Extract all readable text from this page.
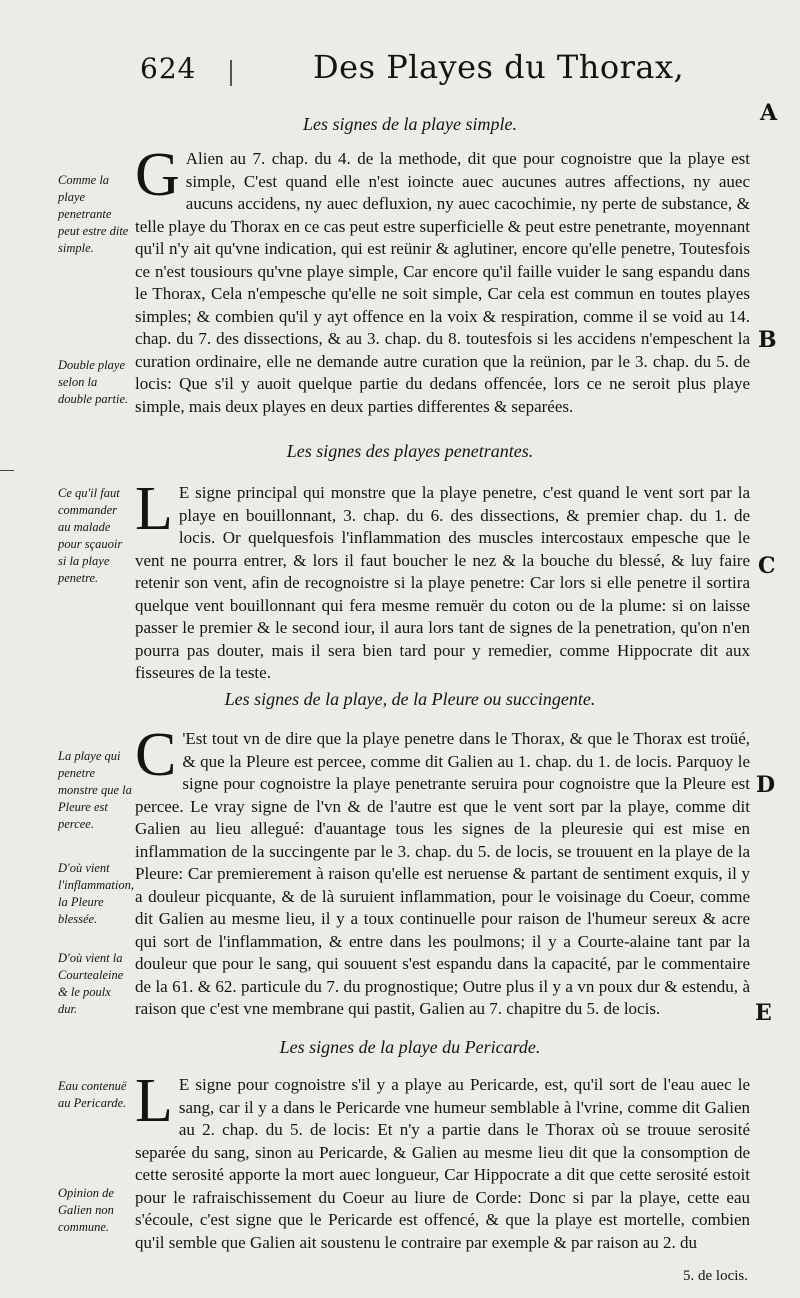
624	Des Playes du Thorax,
A
B
C
D
E
Les signes de la playe simple.
G Alien au 7. chap. du 4. de la methode, dit que pour cognoistre que la playe est simple, C'est quand elle n'est ioincte auec aucunes autres affections, ny auec aucuns accidens, ny auec defluxion, ny auec cacochimie, ny perte de substance, & telle playe du Thorax en ce cas peut estre superficielle & peut estre penetrante, moyennant qu'il n'y ait qu'vne indication, qui est reünir & aglutiner, encore qu'elle penetre, Toutesfois ce n'est tousiours qu'vne playe simple, Car encore qu'il faille vuider le sang espandu dans le Thorax, Cela n'empesche qu'elle ne soit simple, Car cela est commun en toutes playes simples; & combien qu'il y ayt offence en la voix & respiration, comme il se void au 14. chap. du 7. des dissections, & au 3. chap. du 8. toutesfois si les accidens n'empeschent la curation ordinaire, elle ne demande autre curation que la reünion, par le 3. chap. du 5. de locis: Que s'il y auoit quelque partie du dedans offencée, lors ce ne seroit plus playe simple, mais deux playes en deux parties differentes & separées.
Comme la playe penetrante peut estre dite simple.
Double playe selon la double partie.
Les signes des playes penetrantes.
L E signe principal qui monstre que la playe penetre, c'est quand le vent sort par la playe en bouillonnant, 3. chap. du 6. des dissections, & premier chap. du 1. de locis. Or quelquesfois l'inflammation des muscles intercostaux empesche que le vent ne pourra entrer, & lors il faut boucher le nez & la bouche du blessé, & luy faire retenir son vent, afin de recognoistre si la playe penetre: Car lors si elle penetre il sortira quelque vent bouillonnant qui fera mesme remuër du coton ou de la plume: si on laisse passer le premier & le second iour, il aura lors tant de signes de la penetration, qu'on n'en pourra pas douter, mais il sera bien tard pour y remedier, comme Hippocrate dit aux fisseures de la teste.
Ce qu'il faut commander au malade pour sçauoir si la playe penetre.
Les signes de la playe, de la Pleure ou succingente.
C 'Est tout vn de dire que la playe penetre dans le Thorax, & que le Thorax est troüé, & que la Pleure est percee, comme dit Galien au 1. chap. du 1. de locis. Parquoy le signe pour cognoistre la playe penetrante seruira pour cognoistre que la Pleure est percee. Le vray signe de l'vn & de l'autre est que le vent sort par la playe, comme dit Galien au lieu allegué: d'auantage tous les signes de la pleuresie qui est mise en inflammation de la succingente par le 3. chap. du 5. de locis, se trouuent en la playe de la Pleure: Car premierement à raison qu'elle est neruense & partant de sentiment exquis, il y a douleur picquante, & de là suruient inflammation, pour le voisinage du Coeur, comme dit Galien au mesme lieu, il y a toux continuelle pour raison de l'humeur sereux & acre qui sort de l'inflammation, & entre dans les poulmons; il y a Courte-alaine tant par la douleur que pour le sang, qui souuent s'est espandu dans la capacité, par le commentaire de la 61. & 62. particule du 7. du prognostique; Outre plus il y a vn poux dur & estendu, à raison que c'est vne membrane qui pastit, Galien au 7. chapitre du 5. de locis.
La playe qui penetre monstre que la Pleure est percee.
D'où vient l'inflammation, la Pleure blessée.
D'où vient la Courtealeine & le poulx dur.
Les signes de la playe du Pericarde.
L E signe pour cognoistre s'il y a playe au Pericarde, est, qu'il sort de l'eau auec le sang, car il y a dans le Pericarde vne humeur semblable à l'vrine, comme dit Galien au 2. chap. du 5. de locis: Et n'y a partie dans le Thorax où se trouue serosité separée du sang, sinon au Pericarde, & Galien au mesme lieu dit que la consomption de cette serosité apporte la mort auec longueur, Car Hippocrate a dit que cette serosité estoit pour le rafraischissement du Coeur au liure de Corde: Donc si par la playe, cette eau s'écoule, c'est signe que le Pericarde est offencé, & que la playe est mortelle, combien qu'il semble que Galien ait soustenu le contraire par exemple & par raison au 2. du
Eau contenuë au Pericarde.
Opinion de Galien non commune.
5. de locis.
